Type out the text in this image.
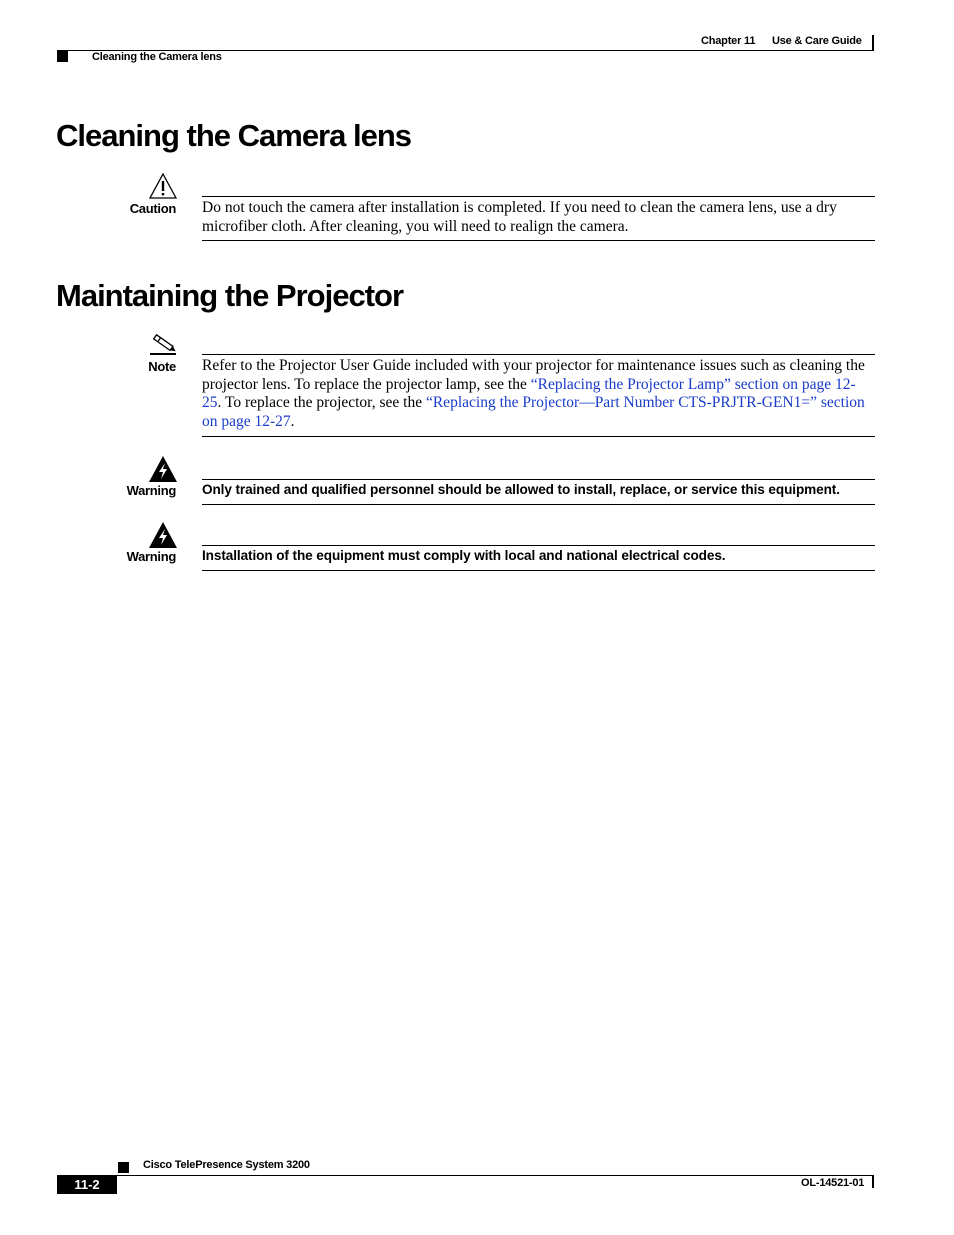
Chapter 11 Use & Care Guide
Cleaning the Camera lens
Cleaning the Camera lens
Caution Do not touch the camera after installation is completed. If you need to clean the camera lens, use a dry microfiber cloth. After cleaning, you will need to realign the camera.
Maintaining the Projector
Note Refer to the Projector User Guide included with your projector for maintenance issues such as cleaning the projector lens. To replace the projector lamp, see the “Replacing the Projector Lamp” section on page 12-25. To replace the projector, see the “Replacing the Projector—Part Number CTS-PRJTR-GEN1=” section on page 12-27.
Warning Only trained and qualified personnel should be allowed to install, replace, or service this equipment.
Warning Installation of the equipment must comply with local and national electrical codes.
Cisco TelePresence System 3200
11-2	OL-14521-01
